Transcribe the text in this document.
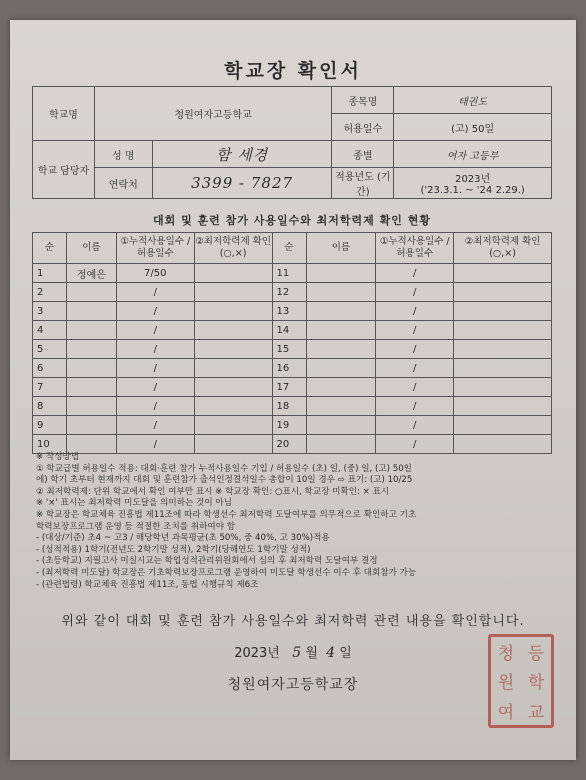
학교장 확인서
학교명	청원여자고등학교		종목명	태권도
			허용일수	(고) 50일
학교 담당자	성 명	함 세경	종별	여자 고등부
	연락처	3399 - 7827	적용년도 (기간)	2023년
('23.3.1. ~ '24 2.29.)
대회 및 훈련 참가 사용일수와 최저학력제 확인 현황
순	이름	①누적사용일수 /허용일수	②최저학력제 확인(○,×)	순	이름	①누적사용일수 /허용일수	②최저학력제 확인(○,×)
1	정예은	7/50		11		/	
2		/		12		/	
3		/		13		/	
4		/		14		/	
5		/		15		/	
6		/		16		/	
7		/		17		/	
8		/		18		/	
9		/		19		/	
10		/		20		/	
※ 작성방법
① 학교급별 허용일수 적용: 대회·훈련 참가 누적사용일수 기입 / 허용일수 (초) 일, (중) 일, (고) 50일
에) 학기 초부터 현재까지 대회 및 훈련참가 출석인정결석일수 총합이 10일 경우 ⇨ 표기: (고) 10/25
② 최저학력제: 단위 학교에서 확인 여부만 표시 ※ 학교장 확인: ○표시, 학교장 미확인: × 표시
※ '×' 표시는 최저학력 미도달을 의미하는 것이 아님
※ 학교장은 학교체육 진흥법 제11조에 따라 학생선수 최저학력 도달여부를 의무적으로 확인하고 기초
학력보장프로그램 운영 등 적절한 조치를 취하여야 함
- (대상/기준) 초4 ~ 고3 / 해당학년 과목평균(초 50%, 중 40%, 고 30%)적용
- (성적적용) 1학기(전년도 2학기말 성적), 2학기(당해연도 1학기말 성적)
- (초등학교) 지필고사 미실시교는 학업성적관리위원회에서 심의 후 최저학력 도달여부 결정
- (최저학력 미도달) 학교장은 기초학력보장프로그램 운영하여 미도달 학생선수 이수 후 대회참가 가능
- (관련법령) 학교체육 진흥법 제11조, 동법 시행규칙 제6조
위와 같이 대회 및 훈련 참가 사용일수와 최저학력 관련 내용을 확인합니다.
2023년 5 월 4 일
청원여자고등학교장
청 등
원 학
여 교
